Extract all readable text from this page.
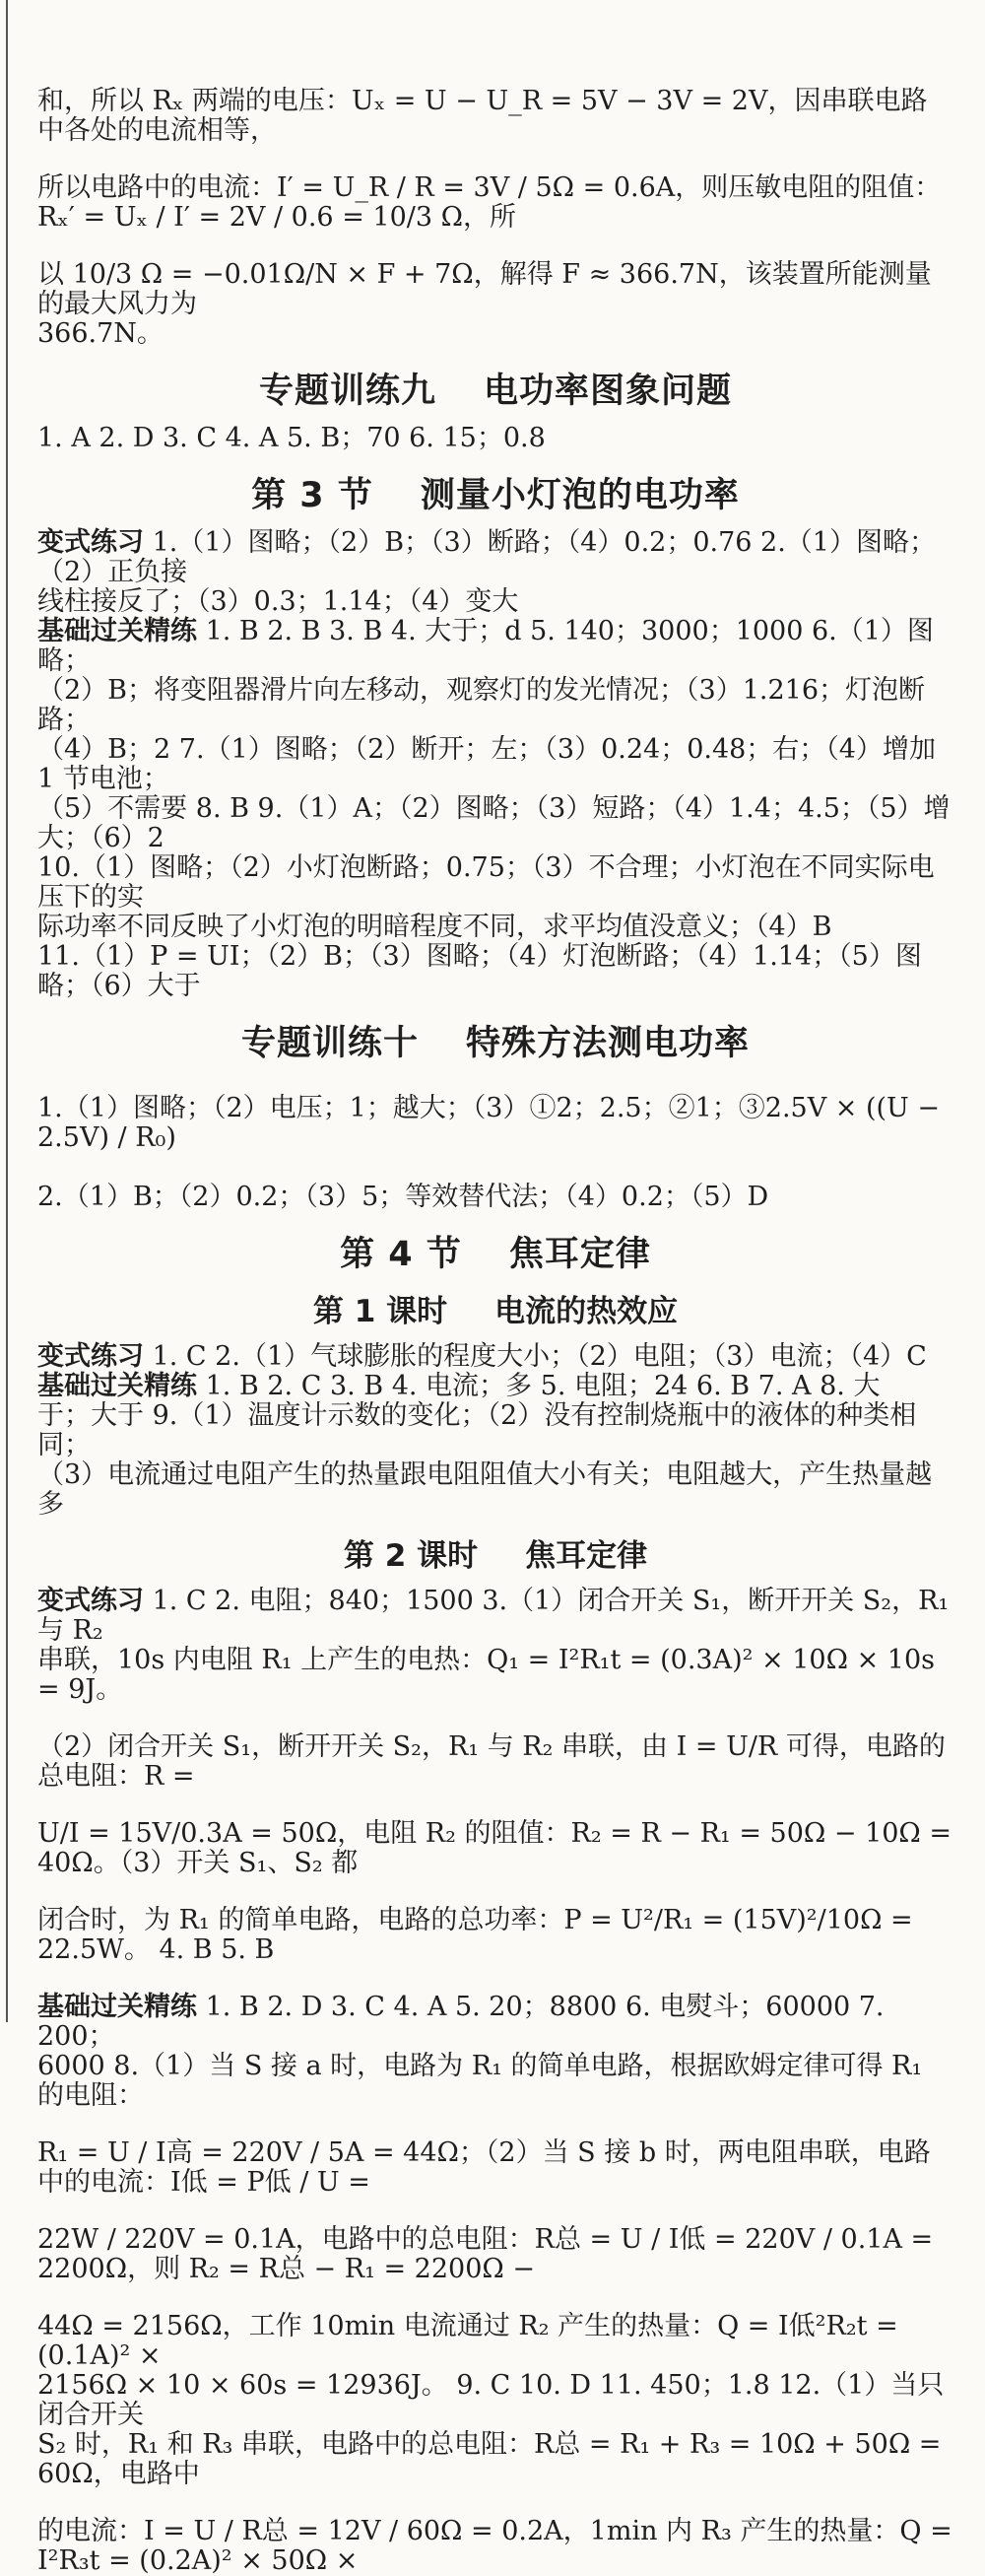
和，所以 Rₓ 两端的电压：Uₓ = U − U_R = 5V − 3V = 2V，因串联电路中各处的电流相等，

所以电路中的电流：I′ = U_R / R = 3V / 5Ω = 0.6A，则压敏电阻的阻值：Rₓ′ = Uₓ / I′ = 2V / 0.6 = 10/3 Ω，所

以 10/3 Ω = −0.01Ω/N × F + 7Ω，解得 F ≈ 366.7N，该装置所能测量的最大风力为

366.7N。

专题训练九 电功率图象问题

1. A 2. D 3. C 4. A 5. B；70 6. 15；0.8

第 3 节 测量小灯泡的电功率

变式练习 1.（1）图略；（2）B；（3）断路；（4）0.2；0.76 2.（1）图略；（2）正负接

线柱接反了；（3）0.3；1.14；（4）变大

基础过关精练 1. B 2. B 3. B 4. 大于；d 5. 140；3000；1000 6.（1）图略；

（2）B；将变阻器滑片向左移动，观察灯的发光情况；（3）1.216；灯泡断路；

（4）B；2 7.（1）图略；（2）断开；左；（3）0.24；0.48；右；（4）增加 1 节电池；

（5）不需要 8. B 9.（1）A；（2）图略；（3）短路；（4）1.4；4.5；（5）增大；（6）2

10.（1）图略；（2）小灯泡断路；0.75；（3）不合理；小灯泡在不同实际电压下的实

际功率不同反映了小灯泡的明暗程度不同，求平均值没意义；（4）B

11.（1）P = UI；（2）B；（3）图略；（4）灯泡断路；（4）1.14；（5）图略；（6）大于

专题训练十 特殊方法测电功率

1.（1）图略；（2）电压；1；越大；（3）①2；2.5；②1；③2.5V × ((U − 2.5V) / R₀)

2.（1）B；（2）0.2；（3）5；等效替代法；（4）0.2；（5）D

第 4 节 焦耳定律
第 1 课时 电流的热效应

变式练习 1. C 2.（1）气球膨胀的程度大小；（2）电阻；（3）电流；（4）C

基础过关精练 1. B 2. C 3. B 4. 电流；多 5. 电阻；24 6. B 7. A 8. 大

于；大于 9.（1）温度计示数的变化；（2）没有控制烧瓶中的液体的种类相同；

（3）电流通过电阻产生的热量跟电阻阻值大小有关；电阻越大，产生热量越多

第 2 课时 焦耳定律

变式练习 1. C 2. 电阻；840；1500 3.（1）闭合开关 S₁，断开开关 S₂，R₁ 与 R₂

串联，10s 内电阻 R₁ 上产生的电热：Q₁ = I²R₁t = (0.3A)² × 10Ω × 10s = 9J。

（2）闭合开关 S₁，断开开关 S₂，R₁ 与 R₂ 串联，由 I = U/R 可得，电路的总电阻：R =

U/I = 15V/0.3A = 50Ω，电阻 R₂ 的阻值：R₂ = R − R₁ = 50Ω − 10Ω = 40Ω。（3）开关 S₁、S₂ 都

闭合时，为 R₁ 的简单电路，电路的总功率：P = U²/R₁ = (15V)²/10Ω = 22.5W。 4. B 5. B

基础过关精练 1. B 2. D 3. C 4. A 5. 20；8800 6. 电熨斗；60000 7. 200；

6000 8.（1）当 S 接 a 时，电路为 R₁ 的简单电路，根据欧姆定律可得 R₁ 的电阻：

R₁ = U / I高 = 220V / 5A = 44Ω；（2）当 S 接 b 时，两电阻串联，电路中的电流：I低 = P低 / U =

22W / 220V = 0.1A，电路中的总电阻：R总 = U / I低 = 220V / 0.1A = 2200Ω，则 R₂ = R总 − R₁ = 2200Ω −

44Ω = 2156Ω，工作 10min 电流通过 R₂ 产生的热量：Q = I低²R₂t = (0.1A)² ×

2156Ω × 10 × 60s = 12936J。 9. C 10. D 11. 450；1.8 12.（1）当只闭合开关

S₂ 时，R₁ 和 R₃ 串联，电路中的总电阻：R总 = R₁ + R₃ = 10Ω + 50Ω = 60Ω，电路中

的电流：I = U / R总 = 12V / 60Ω = 0.2A，1min 内 R₃ 产生的热量：Q = I²R₃t = (0.2A)² × 50Ω ×
